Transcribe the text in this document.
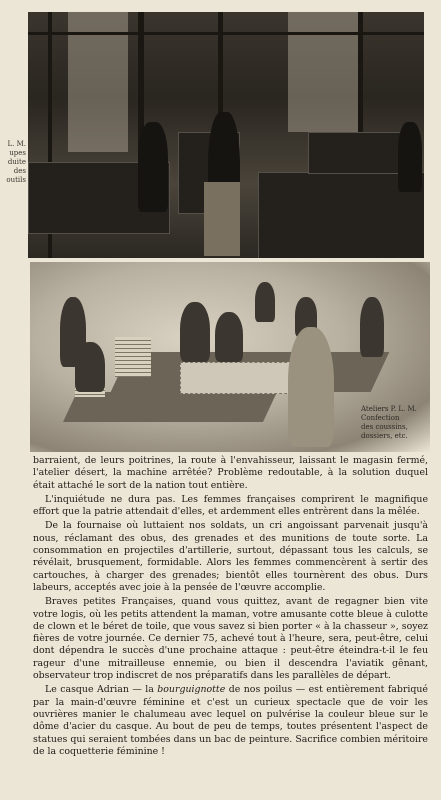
L. M.
upes
duite
des
outils
Ateliers P. L. M.
Confection
des coussins,
dossiers, etc.

barraient, de leurs poitrines, la route à l'envahisseur, laissant le magasin fermé, l'atelier désert, la machine arrêtée? Problème redoutable, à la solution duquel était attaché le sort de la nation tout entière.

L'inquiétude ne dura pas. Les femmes françaises comprirent le magnifique effort que la patrie attendait d'elles, et ardemment elles entrèrent dans la mêlée.

De la fournaise où luttaient nos soldats, un cri angoissant parvenait jusqu'à nous, réclamant des obus, des grenades et des munitions de toute sorte. La consommation en projectiles d'artillerie, surtout, dépassant tous les calculs, se révélait, brusquement, formidable. Alors les femmes commencèrent à sertir des cartouches, à charger des grenades; bientôt elles tournèrent des obus. Durs labeurs, acceptés avec joie à la pensée de l'œuvre accomplie.

Braves petites Françaises, quand vous quittez, avant de regagner bien vite votre logis, où les petits attendent la maman, votre amusante cotte bleue à culotte de clown et le béret de toile, que vous savez si bien porter « à la chasseur », soyez fières de votre journée. Ce dernier 75, achevé tout à l'heure, sera, peut-être, celui dont dépendra le succès d'une prochaine attaque : peut-être éteindra-t-il le feu rageur d'une mitrailleuse ennemie, ou bien il descendra l'aviatik gênant, observateur trop indiscret de nos préparatifs dans les parallèles de départ.

Le casque Adrian — la bourguignotte de nos poilus — est entièrement fabriqué par la main-d'œuvre féminine et c'est un curieux spectacle que de voir les ouvrières manier le chalumeau avec lequel on pulvérise la couleur bleue sur le dôme d'acier du casque. Au bout de peu de temps, toutes présentent l'aspect de statues qui seraient tombées dans un bac de peinture. Sacrifice combien méritoire de la coquetterie féminine !
